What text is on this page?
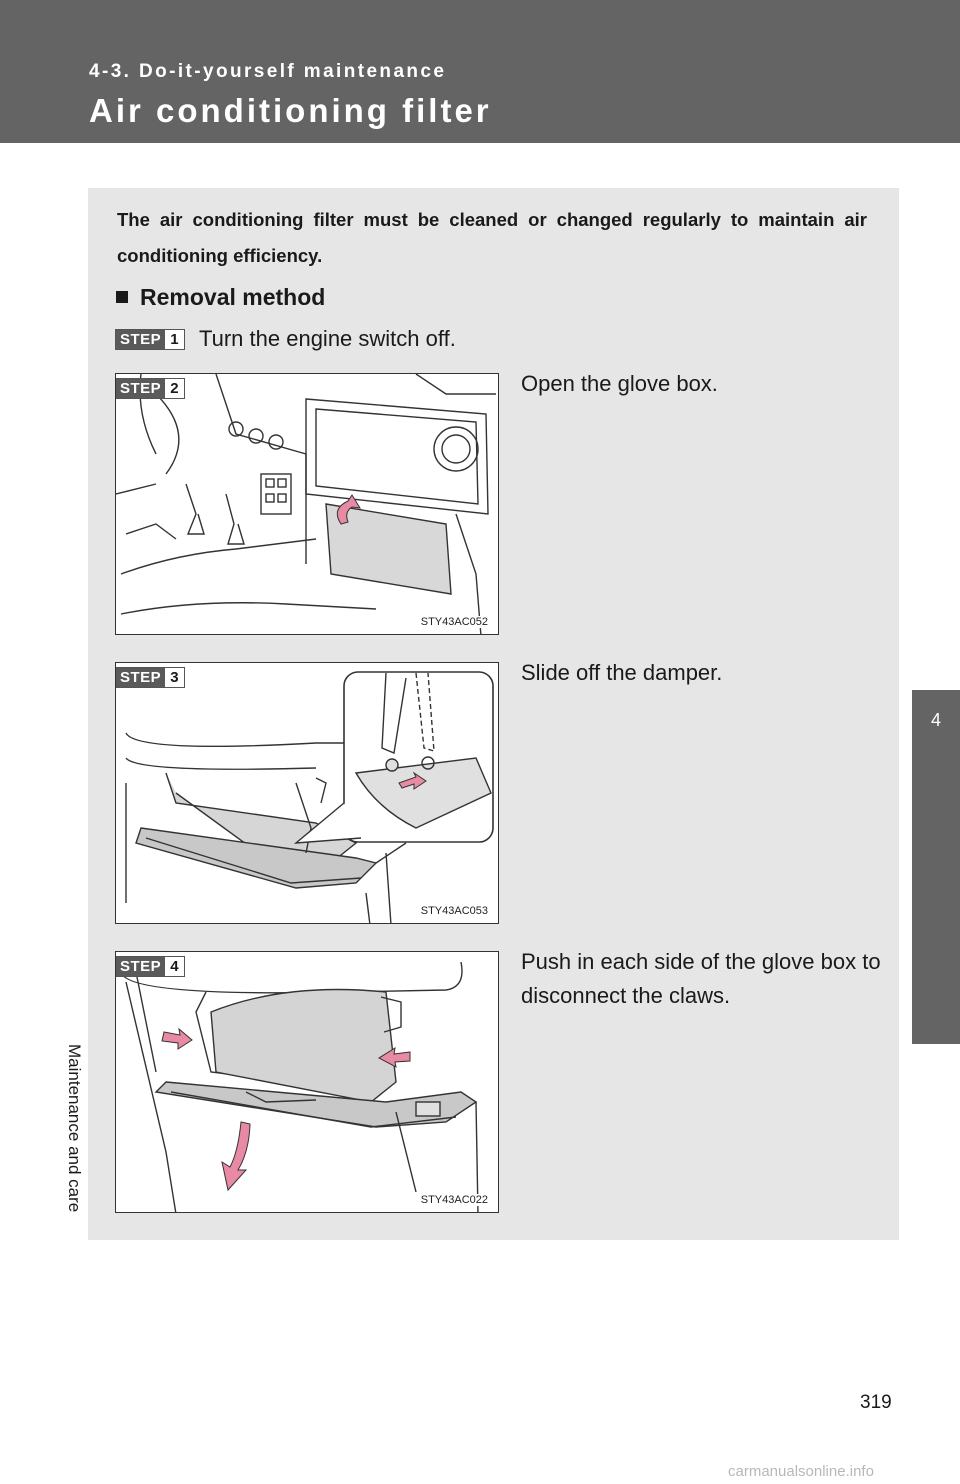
4-3. Do-it-yourself maintenance
Air conditioning filter
4
Maintenance and care
The air conditioning filter must be cleaned or changed regularly to maintain air conditioning efficiency.
Removal method
STEP 1 Turn the engine switch off.
STEP 2
STY43AC052
Open the glove box.
STEP 3
STY43AC053
Slide off the damper.
STEP 4
STY43AC022
Push in each side of the glove box to disconnect the claws.
319
carmanualsonline.info
